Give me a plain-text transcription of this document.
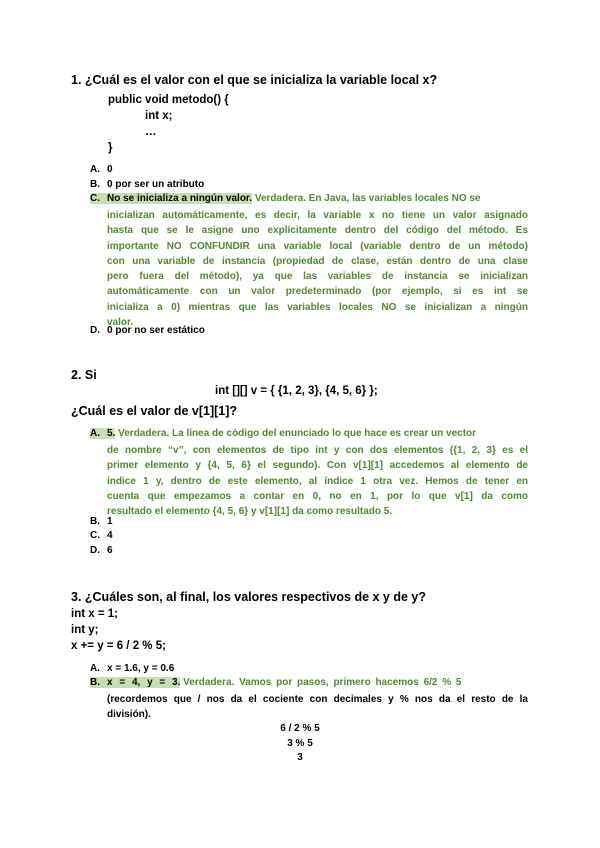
1. ¿Cuál es el valor con el que se inicializa la variable local x?
public void metodo() {
int x;
…
}
A. 0
B. 0 por ser un atributo
C. No se inicializa a ningún valor. Verdadera. En Java, las variables locales NO se
inicializan automáticamente, es decir, la variable x no tiene un valor asignado
hasta que se le asigne uno explícitamente dentro del código del método. Es
importante NO CONFUNDIR una variable local (variable dentro de un método)
con una variable de instancia (propiedad de clase, están dentro de una clase
pero fuera del método), ya que las variables de instancia se inicializan
automáticamente con un valor predeterminado (por ejemplo, si es int se
inicializa a 0) mientras que las variables locales NO se inicializan a ningún
valor.
D. 0 por no ser estático
2. Si
int [][] v = { {1, 2, 3}, {4, 5, 6} };
¿Cuál es el valor de v[1][1]?
A. 5. Verdadera. La línea de código del enunciado lo que hace es crear un vector
de nombre “v”, con elementos de tipo int y con dos elementos ({1, 2, 3} es el
primer elemento y {4, 5, 6} el segundo). Con v[1][1] accedemos al elemento de
índice 1 y, dentro de este elemento, al índice 1 otra vez. Hemos de tener en
cuenta que empezamos a contar en 0, no en 1, por lo que v[1] da como
resultado el elemento {4, 5, 6} y v[1][1] da como resultado 5.
B. 1
C. 4
D. 6
3. ¿Cuáles son, al final, los valores respectivos de x y de y?
int x = 1;
int y;
x += y = 6 / 2 % 5;
A. x = 1.6, y = 0.6
B. x = 4, y = 3. Verdadera. Vamos por pasos, primero hacemos 6/2 % 5
(recordemos que / nos da el cociente con decimales y % nos da el resto de la
división).
6 / 2 % 5
3 % 5
3
